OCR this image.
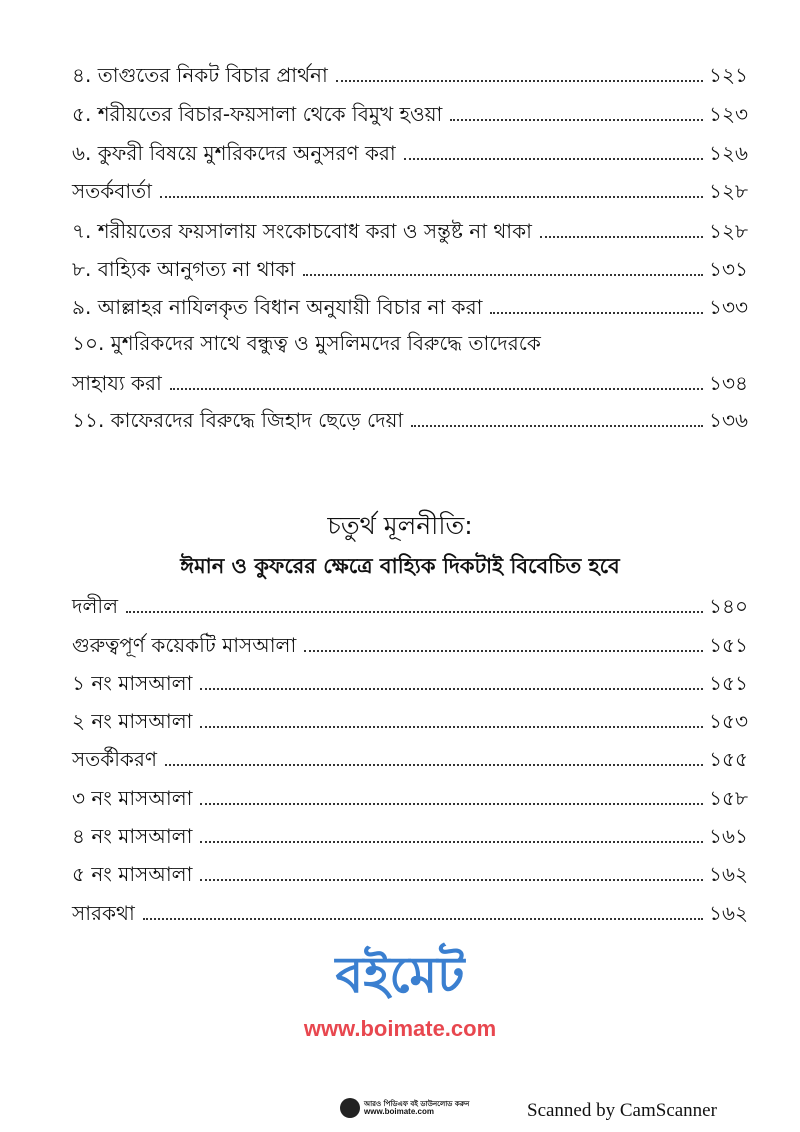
৪. তাগুতের নিকট বিচার প্রার্থনা	১২১
৫. শরীয়তের বিচার-ফয়সালা থেকে বিমুখ হওয়া	১২৩
৬. কুফরী বিষয়ে মুশরিকদের অনুসরণ করা	১২৬
সতর্কবার্তা	১২৮
৭. শরীয়তের ফয়সালায় সংকোচবোধ করা ও সন্তুষ্ট না থাকা	১২৮
৮. বাহ্যিক আনুগত্য না থাকা	১৩১
৯. আল্লাহর নাযিলকৃত বিধান অনুযায়ী বিচার না করা	১৩৩
১০. মুশরিকদের সাথে বন্ধুত্ব ও মুসলিমদের বিরুদ্ধে তাদেরকে
সাহায্য করা	১৩৪
১১. কাফেরদের বিরুদ্ধে জিহাদ ছেড়ে দেয়া	১৩৬
চতুর্থ মূলনীতি:
ঈমান ও কুফরের ক্ষেত্রে বাহ্যিক দিকটাই বিবেচিত হবে
দলীল	১৪০
গুরুত্বপূর্ণ কয়েকটি মাসআলা	১৫১
১ নং মাসআলা	১৫১
২ নং মাসআলা	১৫৩
সতর্কীকরণ	১৫৫
৩ নং মাসআলা	১৫৮
৪ নং মাসআলা	১৬১
৫ নং মাসআলা	১৬২
সারকথা	১৬২
বইমেট
www.boimate.com
আরও পিডিএফ বই ডাউনলোড করুন
www.boimate.com	Scanned by CamScanner
